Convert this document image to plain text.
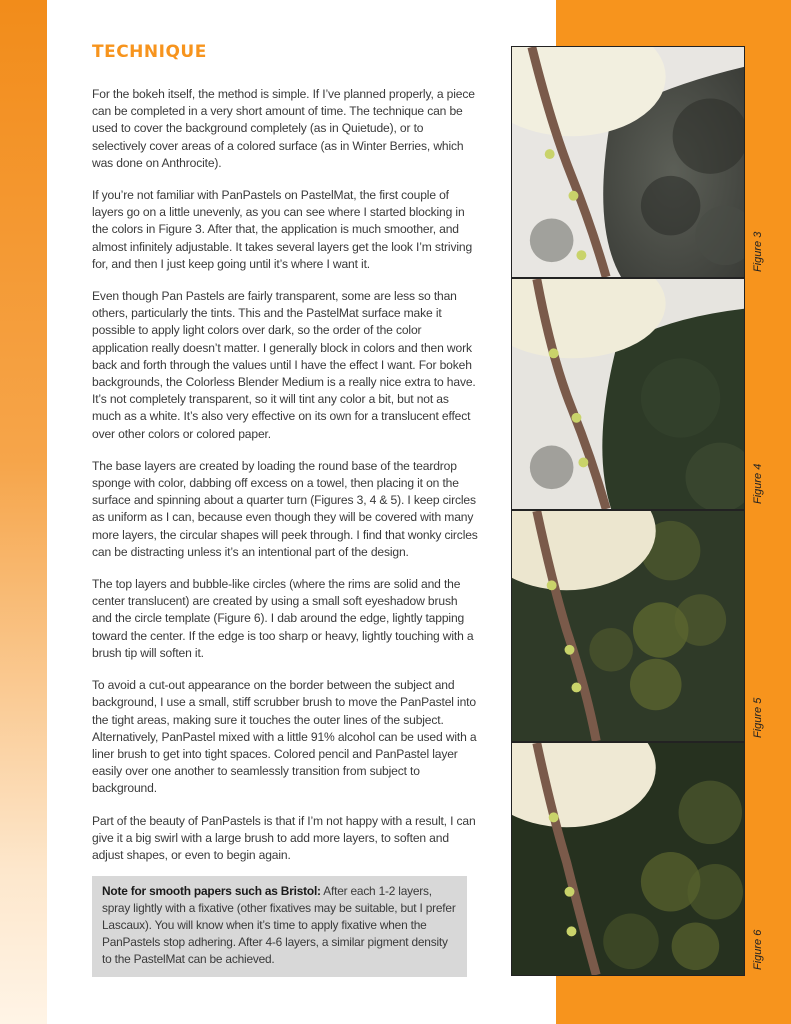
TECHNIQUE

For the bokeh itself, the method is simple. If I’ve planned properly, a piece can be completed in a very short amount of time. The technique can be used to cover the background completely (as in Quietude), or to selectively cover areas of a colored surface (as in Winter Berries, which was done on Anthrocite).

If you’re not familiar with PanPastels on PastelMat, the first couple of layers go on a little unevenly, as you can see where I started blocking in the colors in Figure 3. After that, the application is much smoother, and almost infinitely adjustable. It takes several layers get the look I’m striving for, and then I just keep going until it’s where I want it.

Even though Pan Pastels are fairly transparent, some are less so than others, particularly the tints. This and the PastelMat surface make it possible to apply light colors over dark, so the order of the color application really doesn’t matter. I generally block in colors and then work back and forth through the values until I have the effect I want. For bokeh backgrounds, the Colorless Blender Medium is a really nice extra to have. It’s not completely transparent, so it will tint any color a bit, but not as much as a white. It’s also very effective on its own for a translucent effect over other colors or colored paper.

The base layers are created by loading the round base of the teardrop sponge with color, dabbing off excess on a towel, then placing it on the surface and spinning about a quarter turn (Figures 3, 4 & 5). I keep circles as uniform as I can, because even though they will be covered with many more layers, the circular shapes will peek through. I find that wonky circles can be distracting unless it’s an intentional part of the design.

The top layers and bubble-like circles (where the rims are solid and the center translucent) are created by using a small soft eyeshadow brush and the circle template (Figure 6). I dab around the edge, lightly tapping toward the center. If the edge is too sharp or heavy, lightly touching with a brush tip will soften it.

To avoid a cut-out appearance on the border between the subject and background, I use a small, stiff scrubber brush to move the PanPastel into the tight areas, making sure it touches the outer lines of the subject. Alternatively, PanPastel mixed with a little 91% alcohol can be used with a liner brush to get into tight spaces. Colored pencil and PanPastel layer easily over one another to seamlessly transition from subject to background.

Part of the beauty of PanPastels is that if I’m not happy with a result, I can give it a big swirl with a large brush to add more layers, to soften and adjust shapes, or even to begin again.

Note for smooth papers such as Bristol: After each 1-2 layers, spray lightly with a fixative (other fixatives may be suitable, but I prefer Lascaux). You will know when it’s time to apply fixative when the PanPastels stop adhering. After 4-6 layers, a similar pigment density to the PastelMat can be achieved.
Figure 3
Figure 4
Figure 5
Figure 6
